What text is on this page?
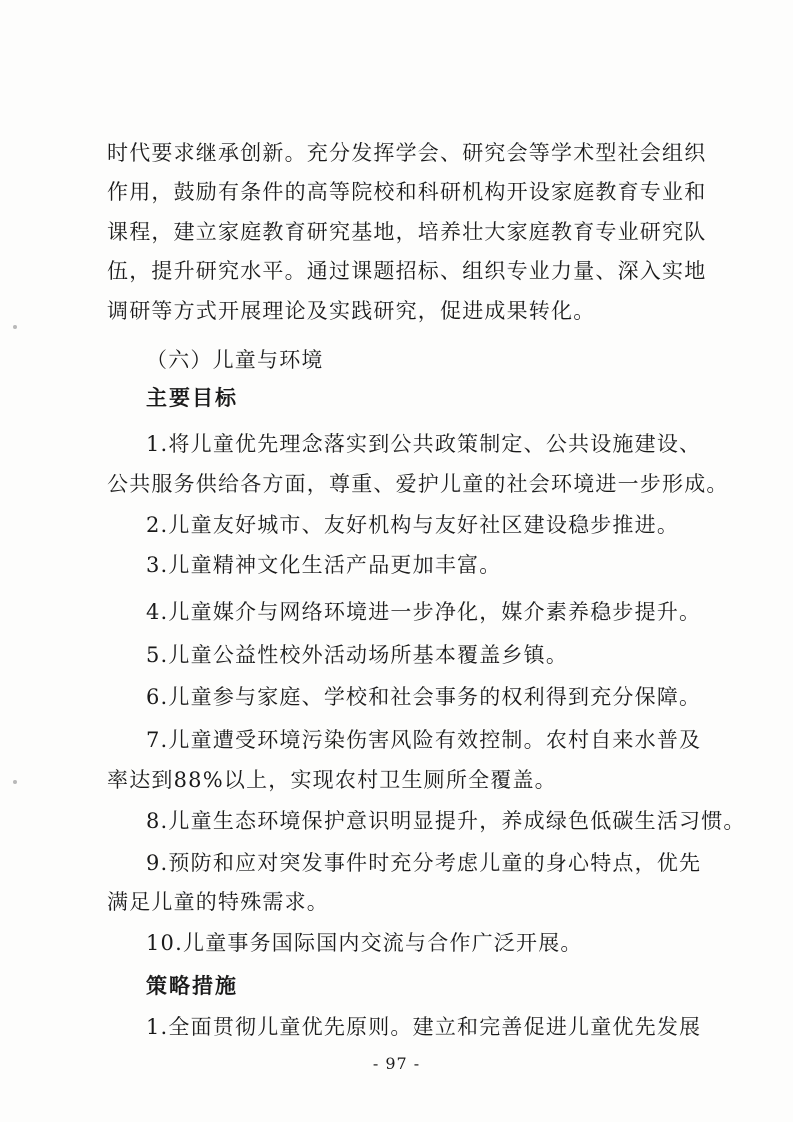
时代要求继承创新。充分发挥学会、研究会等学术型社会组织
作用，鼓励有条件的高等院校和科研机构开设家庭教育专业和
课程，建立家庭教育研究基地，培养壮大家庭教育专业研究队
伍，提升研究水平。通过课题招标、组织专业力量、深入实地
调研等方式开展理论及实践研究，促进成果转化。
（六）儿童与环境
主要目标
1.将儿童优先理念落实到公共政策制定、公共设施建设、
公共服务供给各方面，尊重、爱护儿童的社会环境进一步形成。
2.儿童友好城市、友好机构与友好社区建设稳步推进。
3.儿童精神文化生活产品更加丰富。
4.儿童媒介与网络环境进一步净化，媒介素养稳步提升。
5.儿童公益性校外活动场所基本覆盖乡镇。
6.儿童参与家庭、学校和社会事务的权利得到充分保障。
7.儿童遭受环境污染伤害风险有效控制。农村自来水普及
率达到88%以上，实现农村卫生厕所全覆盖。
8.儿童生态环境保护意识明显提升，养成绿色低碳生活习惯。
9.预防和应对突发事件时充分考虑儿童的身心特点，优先
满足儿童的特殊需求。
10.儿童事务国际国内交流与合作广泛开展。
策略措施
1.全面贯彻儿童优先原则。建立和完善促进儿童优先发展
- 97 -
